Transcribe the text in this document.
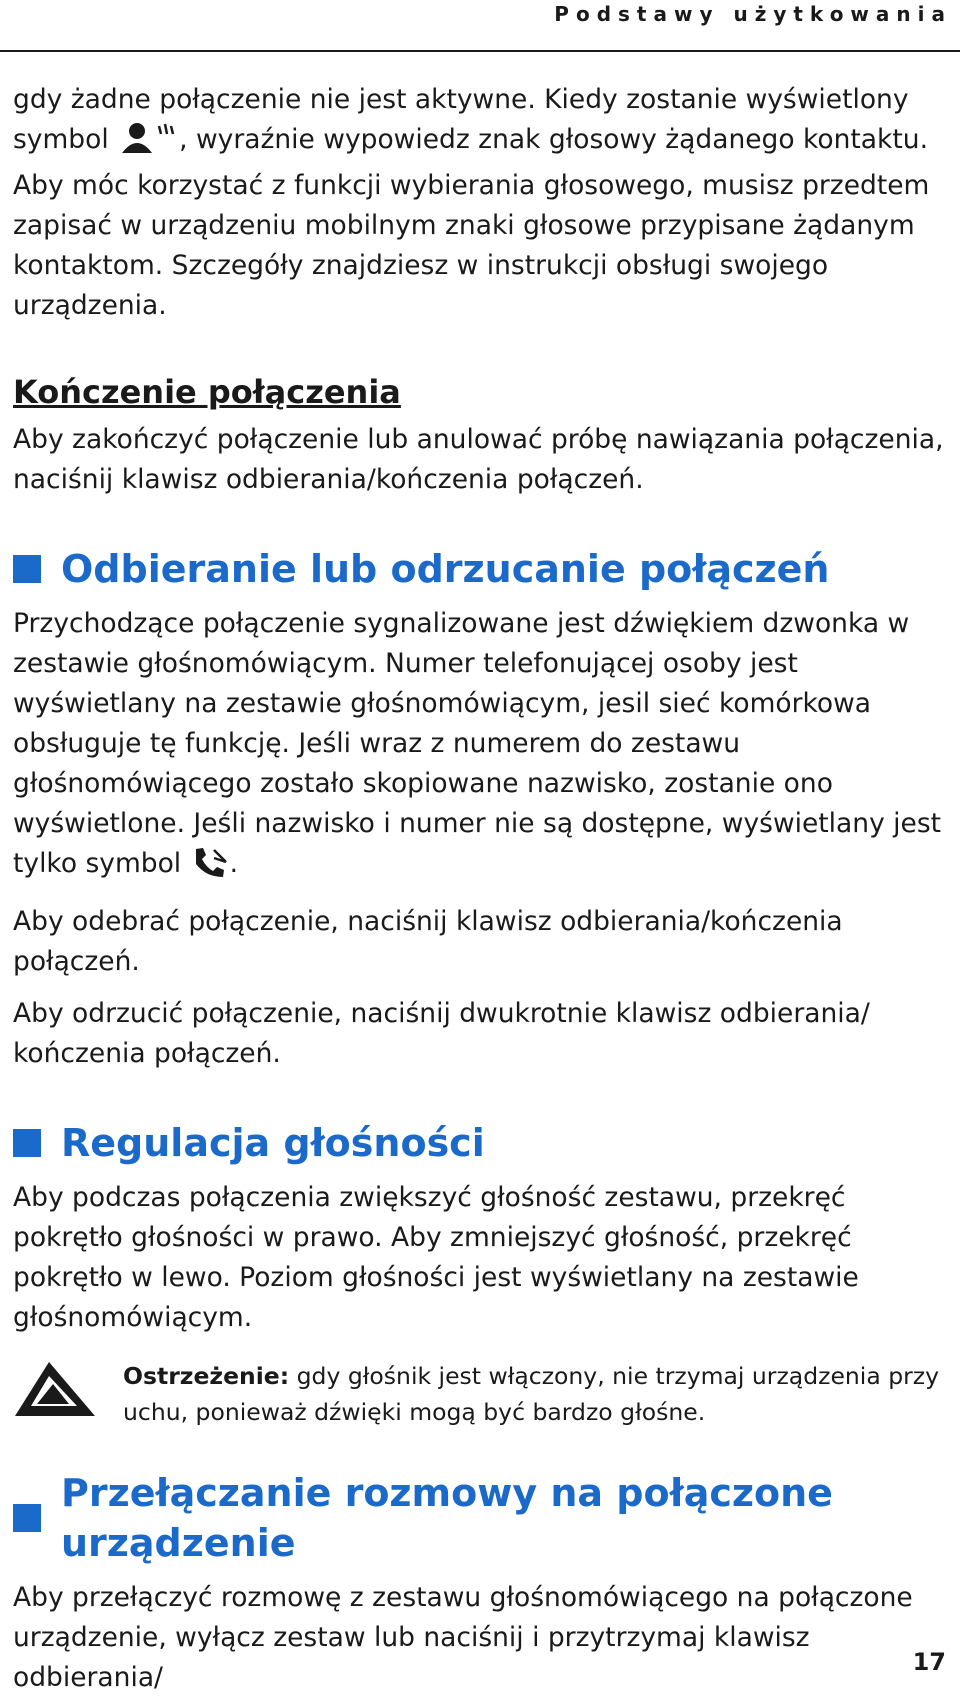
Podstawy użytkowania

gdy żadne połączenie nie jest aktywne. Kiedy zostanie wyświetlony

symbol	, wyraźnie wypowiedz znak głosowy żądanego kontaktu.

Aby móc korzystać z funkcji wybierania głosowego, musisz przedtem zapisać w urządzeniu mobilnym znaki głosowe przypisane żądanym kontaktom. Szczegóły znajdziesz w instrukcji obsługi swojego urządzenia.

Kończenie połączenia

Aby zakończyć połączenie lub anulować próbę nawiązania połączenia, naciśnij klawisz odbierania/kończenia połączeń.

Odbieranie lub odrzucanie połączeń

Przychodzące połączenie sygnalizowane jest dźwiękiem dzwonka w zestawie głośnomówiącym. Numer telefonującej osoby jest wyświetlany na zestawie głośnomówiącym, jesil sieć komórkowa obsługuje tę funkcję. Jeśli wraz z numerem do zestawu głośnomówiącego zostało skopiowane nazwisko, zostanie ono wyświetlone. Jeśli nazwisko i numer nie są dostępne, wyświetlany jest tylko symbol .

Aby odebrać połączenie, naciśnij klawisz odbierania/kończenia połączeń.

Aby odrzucić połączenie, naciśnij dwukrotnie klawisz odbierania/ kończenia połączeń.

Regulacja głośności

Aby podczas połączenia zwiększyć głośność zestawu, przekręć pokrętło głośności w prawo. Aby zmniejszyć głośność, przekręć pokrętło w lewo. Poziom głośności jest wyświetlany na zestawie głośnomówiącym.

Ostrzeżenie: gdy głośnik jest włączony, nie trzymaj urządzenia przy uchu, ponieważ dźwięki mogą być bardzo głośne.
Przełączanie rozmowy na połączone urządzenie

Aby przełączyć rozmowę z zestawu głośnomówiącego na połączone urządzenie, wyłącz zestaw lub naciśnij i przytrzymaj klawisz odbierania/	17
